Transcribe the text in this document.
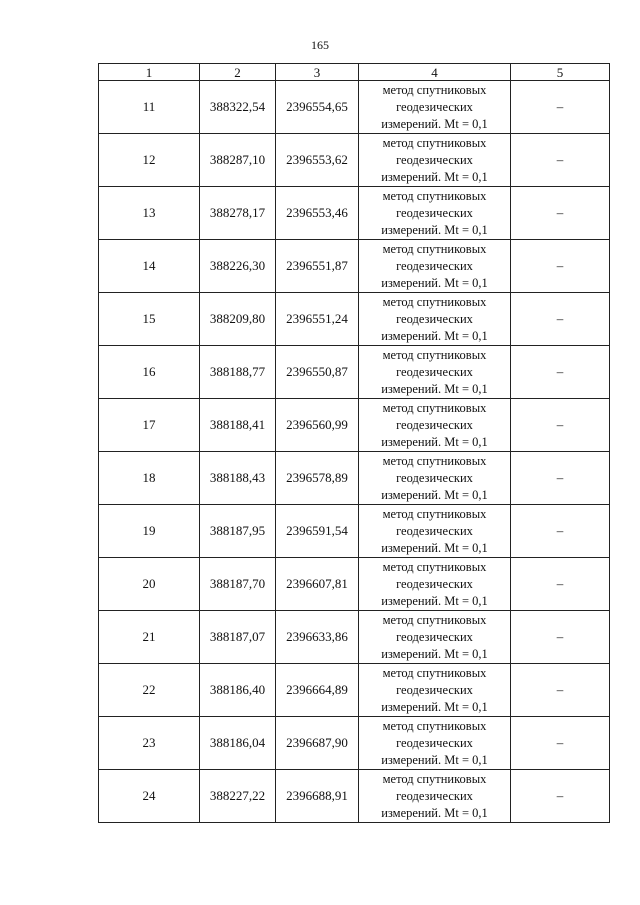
165
1	2	3	4	5
11	388322,54	2396554,65	метод спутниковых
геодезических
измерений. Mt = 0,1	–
12	388287,10	2396553,62	метод спутниковых
геодезических
измерений. Mt = 0,1	–
13	388278,17	2396553,46	метод спутниковых
геодезических
измерений. Mt = 0,1	–
14	388226,30	2396551,87	метод спутниковых
геодезических
измерений. Mt = 0,1	–
15	388209,80	2396551,24	метод спутниковых
геодезических
измерений. Mt = 0,1	–
16	388188,77	2396550,87	метод спутниковых
геодезических
измерений. Mt = 0,1	–
17	388188,41	2396560,99	метод спутниковых
геодезических
измерений. Mt = 0,1	–
18	388188,43	2396578,89	метод спутниковых
геодезических
измерений. Mt = 0,1	–
19	388187,95	2396591,54	метод спутниковых
геодезических
измерений. Mt = 0,1	–
20	388187,70	2396607,81	метод спутниковых
геодезических
измерений. Mt = 0,1	–
21	388187,07	2396633,86	метод спутниковых
геодезических
измерений. Mt = 0,1	–
22	388186,40	2396664,89	метод спутниковых
геодезических
измерений. Mt = 0,1	–
23	388186,04	2396687,90	метод спутниковых
геодезических
измерений. Mt = 0,1	–
24	388227,22	2396688,91	метод спутниковых
геодезических
измерений. Mt = 0,1	–
